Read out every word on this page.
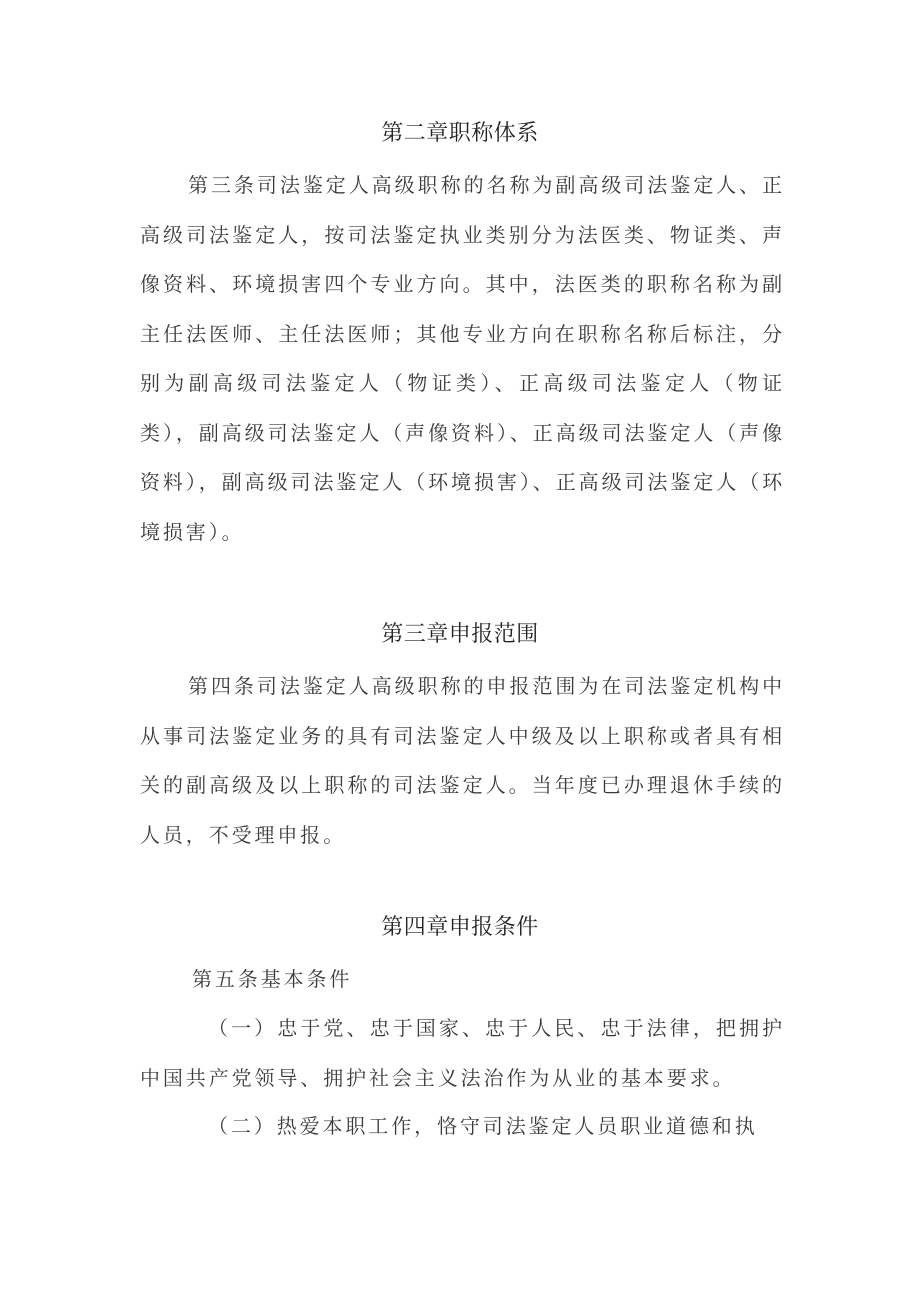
第二章职称体系

第三条司法鉴定人高级职称的名称为副高级司法鉴定人、正高级司法鉴定人，按司法鉴定执业类别分为法医类、物证类、声像资料、环境损害四个专业方向。其中，法医类的职称名称为副主任法医师、主任法医师；其他专业方向在职称名称后标注，分别为副高级司法鉴定人（物证类）、正高级司法鉴定人（物证类），副高级司法鉴定人（声像资料）、正高级司法鉴定人（声像资料），副高级司法鉴定人（环境损害）、正高级司法鉴定人（环境损害）。

第三章申报范围

第四条司法鉴定人高级职称的申报范围为在司法鉴定机构中从事司法鉴定业务的具有司法鉴定人中级及以上职称或者具有相关的副高级及以上职称的司法鉴定人。当年度已办理退休手续的人员，不受理申报。

第四章申报条件

第五条基本条件

（一）忠于党、忠于国家、忠于人民、忠于法律，把拥护中国共产党领导、拥护社会主义法治作为从业的基本要求。

（二）热爱本职工作，恪守司法鉴定人员职业道德和执
